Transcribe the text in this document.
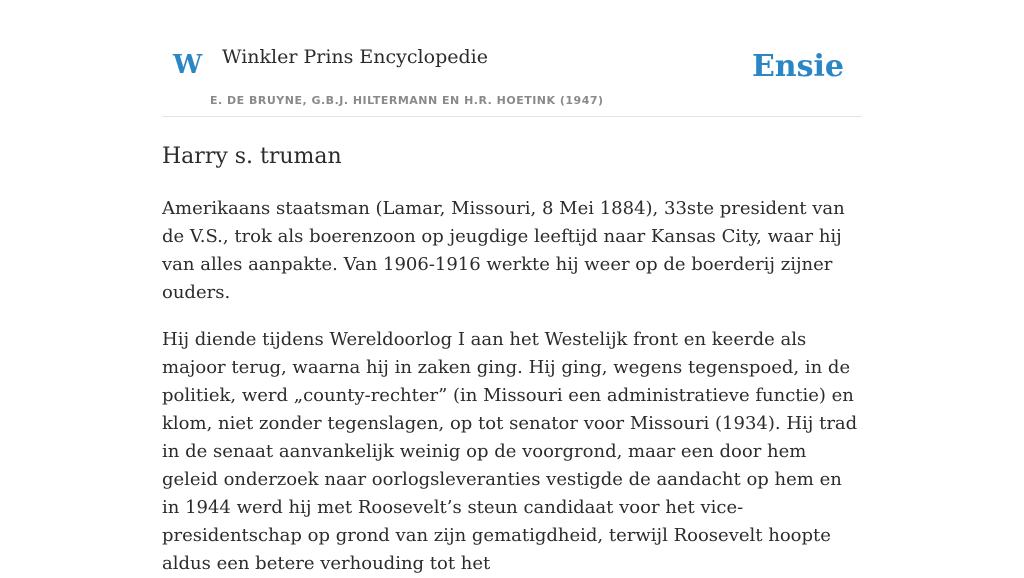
W Winkler Prins Encyclopedie
E. DE BRUYNE, G.B.J. HILTERMANN EN H.R. HOETINK (1947)
Ensie
Harry s. truman

Amerikaans staatsman (Lamar, Missouri, 8 Mei 1884), 33ste president van de V.S., trok als boerenzoon op jeugdige leeftijd naar Kansas City, waar hij van alles aanpakte. Van 1906-1916 werkte hij weer op de boerderij zijner ouders.

Hij diende tijdens Wereldoorlog I aan het Westelijk front en keerde als majoor terug, waarna hij in zaken ging. Hij ging, wegens tegenspoed, in de politiek, werd „county-rechter” (in Missouri een administratieve functie) en klom, niet zonder tegenslagen, op tot senator voor Missouri (1934). Hij trad in de senaat aanvankelijk weinig op de voorgrond, maar een door hem geleid onderzoek naar oorlogsleveranties vestigde de aandacht op hem en in 1944 werd hij met Roosevelt’s steun candidaat voor het vice-presidentschap op grond van zijn gematigdheid, terwijl Roosevelt hoopte aldus een betere verhouding tot het
